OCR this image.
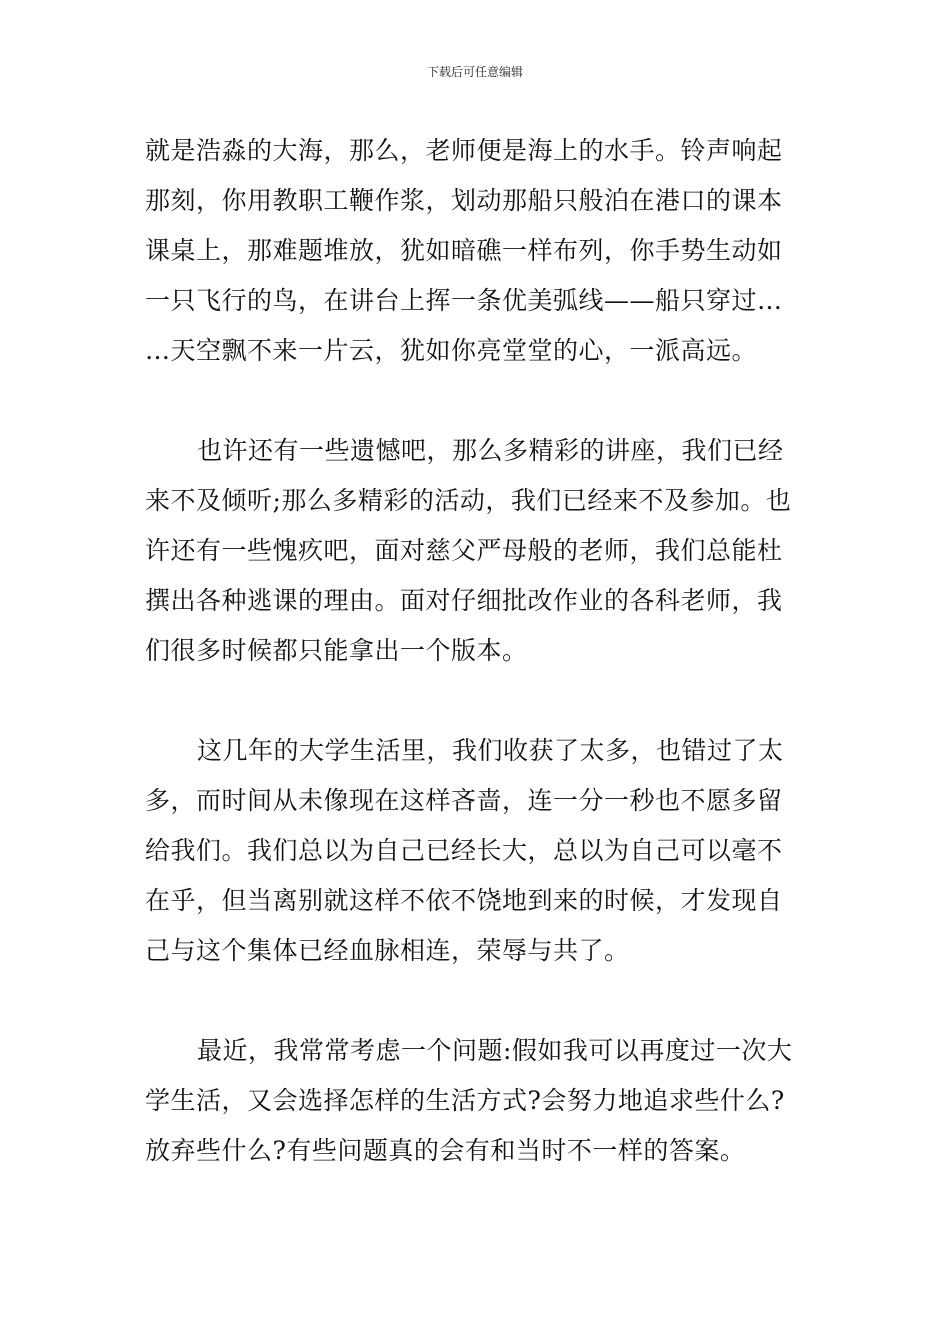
下载后可任意编辑
就是浩淼的大海，那么，老师便是海上的水手。铃声响起
那刻，你用教职工鞭作浆，划动那船只般泊在港口的课本
课桌上，那难题堆放，犹如暗礁一样布列，你手势生动如
一只飞行的鸟，在讲台上挥一条优美弧线——船只穿过…
…天空飘不来一片云，犹如你亮堂堂的心，一派高远。
也许还有一些遗憾吧，那么多精彩的讲座，我们已经
来不及倾听;那么多精彩的活动，我们已经来不及参加。也
许还有一些愧疚吧，面对慈父严母般的老师，我们总能杜
撰出各种逃课的理由。面对仔细批改作业的各科老师，我
们很多时候都只能拿出一个版本。
这几年的大学生活里，我们收获了太多，也错过了太
多，而时间从未像现在这样吝啬，连一分一秒也不愿多留
给我们。我们总以为自己已经长大，总以为自己可以毫不
在乎，但当离别就这样不依不饶地到来的时候，才发现自
己与这个集体已经血脉相连，荣辱与共了。
最近，我常常考虑一个问题:假如我可以再度过一次大
学生活，又会选择怎样的生活方式?会努力地追求些什么?
放弃些什么?有些问题真的会有和当时不一样的答案。
